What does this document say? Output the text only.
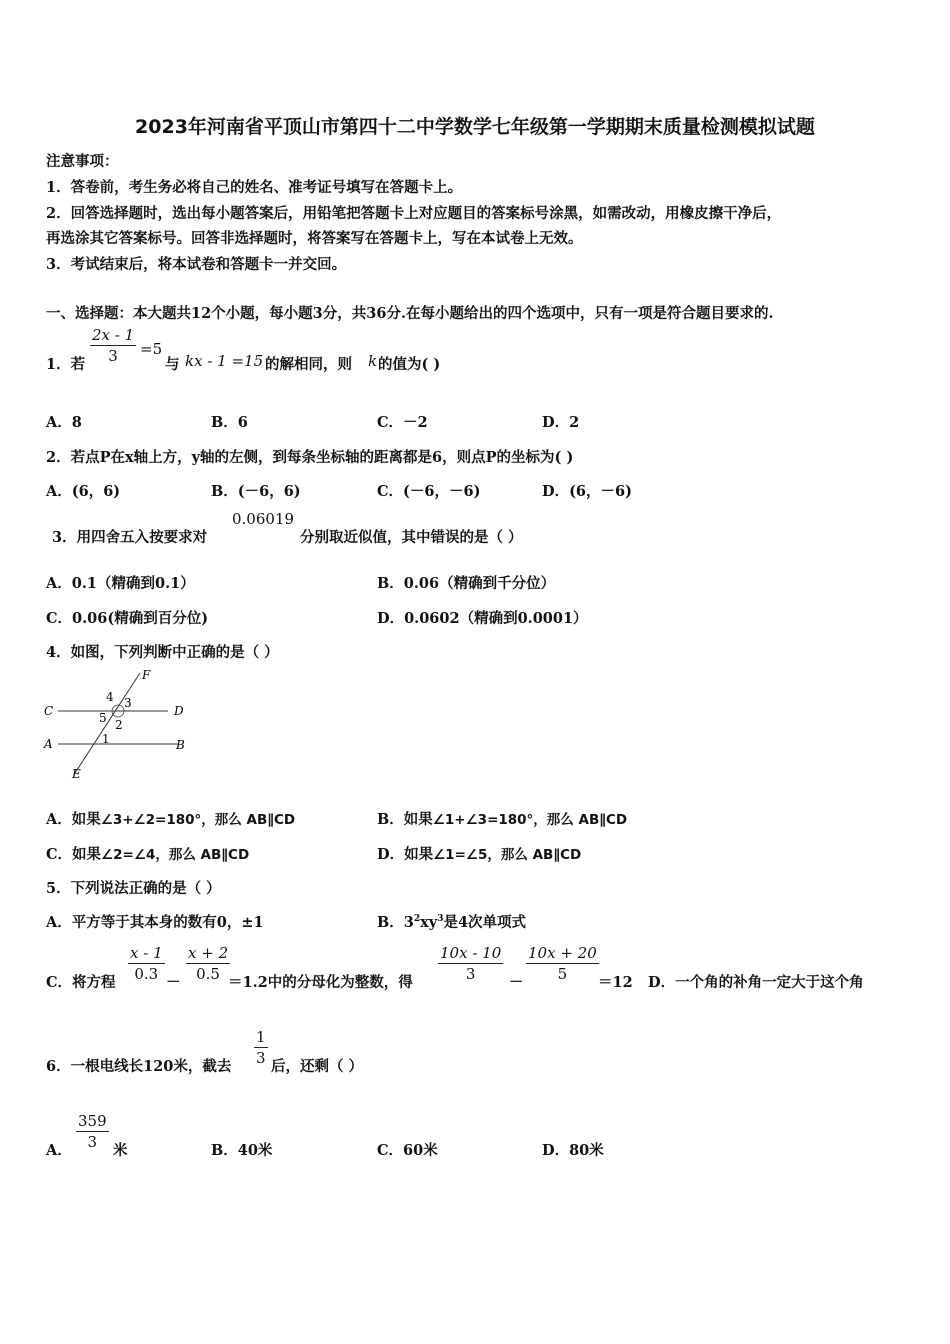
2023年河南省平顶山市第四十二中学数学七年级第一学期期末质量检测模拟试题
注意事项：
1．答卷前，考生务必将自己的姓名、准考证号填写在答题卡上。
2．回答选择题时，选出每小题答案后，用铅笔把答题卡上对应题目的答案标号涂黑，如需改动，用橡皮擦干净后，
再选涂其它答案标号。回答非选择题时，将答案写在答题卡上，写在本试卷上无效。
3．考试结束后，将本试卷和答题卡一并交回。
一、选择题：本大题共12个小题，每小题3分，共36分.在每小题给出的四个选项中，只有一项是符合题目要求的.
1．若
2x - 1
3	=5
与 kx - 1 =15 的解相同，则 k 的值为( )
A．8	B．6	C．－2	D．2
2．若点P在x轴上方，y轴的左侧，到每条坐标轴的距离都是6，则点P的坐标为( )
A．(6，6)	B．(－6，6)	C．(－6，－6)	D．(6，－6)
3．用四舍五入按要求对
0.06019
分别取近似值，其中错误的是（ ）
A．0.1（精确到0.1）	B．0.06（精确到千分位）
C．0.06(精确到百分位)	D．0.0602（精确到0.0001）
4．如图，下列判断中正确的是（ ）
F
C	D
A	B
E
4 3
5 2
1
A．如果∠3+∠2=180°，那么 AB∥CD	B．如果∠1+∠3=180°，那么 AB∥CD
C．如果∠2=∠4，那么 AB∥CD	D．如果∠1=∠5，那么 AB∥CD
5．下列说法正确的是（ ）
A．平方等于其本身的数有0，±1	B．$3^2xy^3$是4次单项式
C．将方程
x - 1
0.3 －
x + 2
0.5 ＝1.2中的分母化为整数，得
10x - 10
3	－
10x + 20
5	＝12 D．一个角的补角一定大于这个角
6．一根电线长120米，截去
1
3 后，还剩（ ）
A．
359
3	米	B．40米	C．60米	D．80米
